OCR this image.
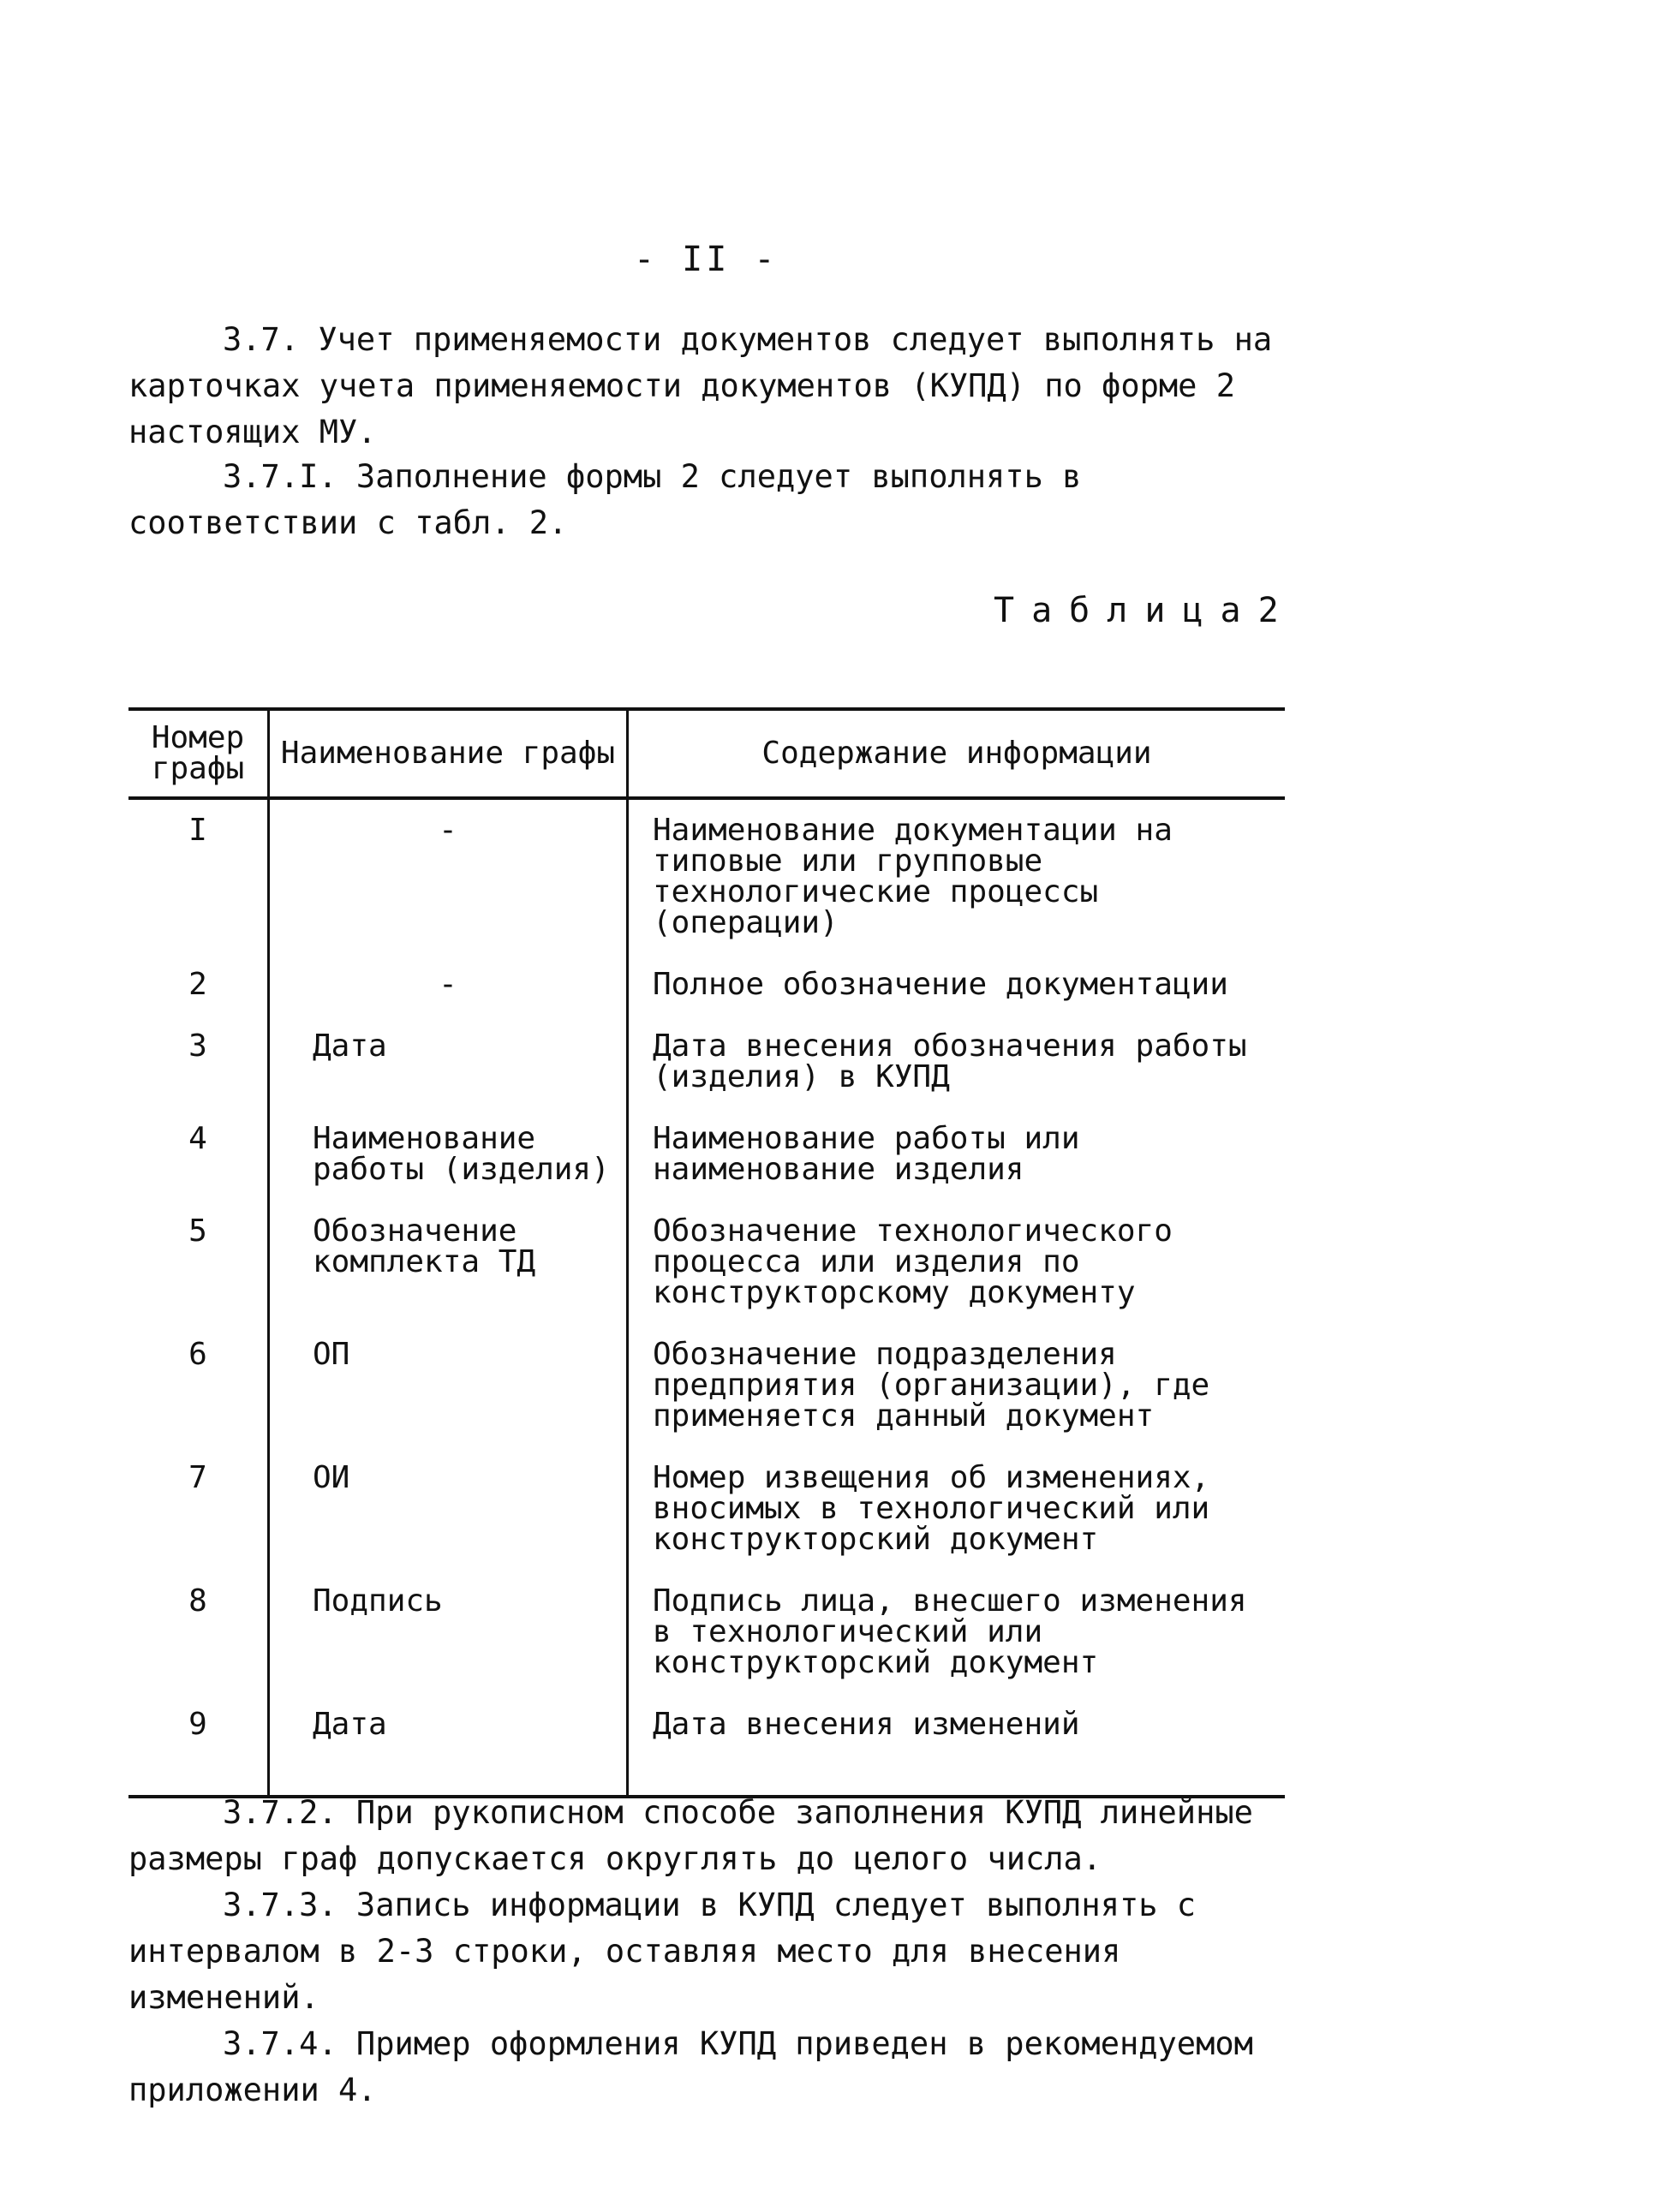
- II -

3.7. Учет применяемости документов следует выполнять на карточках учета применяемости документов (КУПД) по форме 2 настоящих МУ.

3.7.I. Заполнение формы 2 следует выполнять в соответствии с табл. 2.

Таблица2
Номер графы	Наименование графы	Содержание информации
I	-	Наименование документации на типовые или групповые технологические процессы (операции)
2	-	Полное обозначение документации
3	Дата	Дата внесения обозначения работы (изделия) в КУПД
4	Наименование работы (изделия)	Наименование работы или наименование изделия
5	Обозначение комплекта ТД	Обозначение технологического процесса или изделия по конструкторскому документу
6	ОП	Обозначение подразделения предприятия (организации), где применяется данный документ
7	ОИ	Номер извещения об изменениях, вносимых в технологический или конструкторский документ
8	Подпись	Подпись лица, внесшего изменения в технологический или конструкторский документ
9	Дата	Дата внесения изменений

3.7.2. При рукописном способе заполнения КУПД линейные размеры граф допускается округлять до целого числа.

3.7.3. Запись информации в КУПД следует выполнять с интервалом в 2-3 строки, оставляя место для внесения изменений.

3.7.4. Пример оформления КУПД приведен в рекомендуемом приложении 4.
